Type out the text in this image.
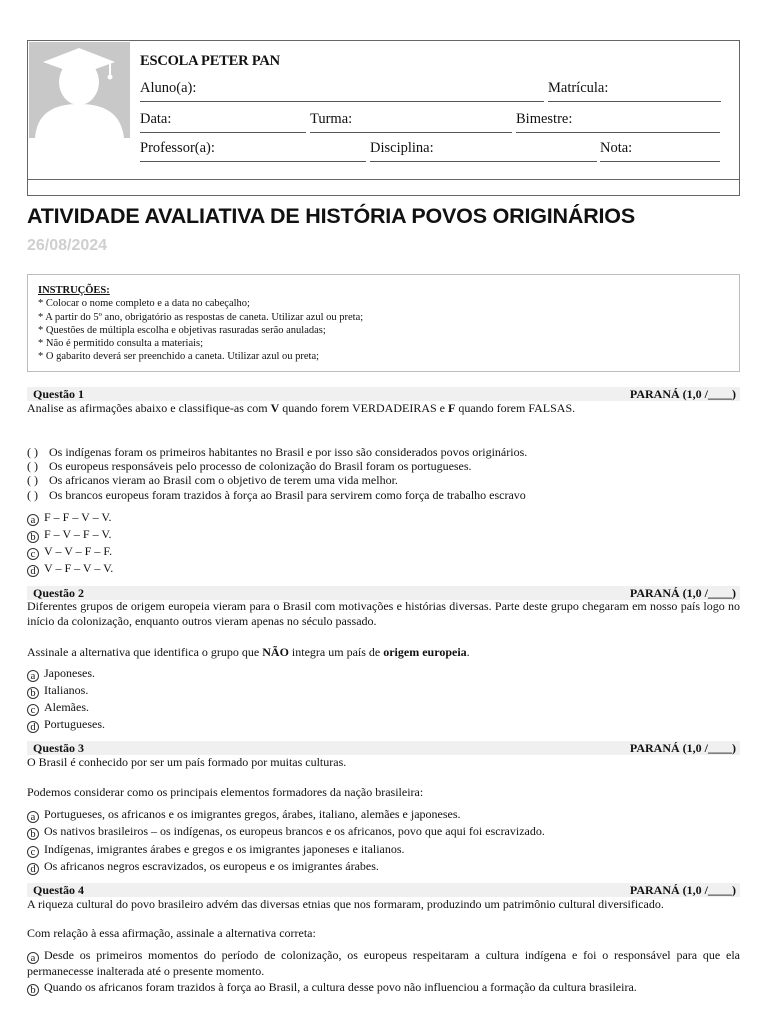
ESCOLA PETER PAN
Aluno(a):	Matrícula:
Data:	Turma:	Bimestre:
Professor(a):	Disciplina:	Nota:
ATIVIDADE AVALIATIVA DE HISTÓRIA POVOS ORIGINÁRIOS
26/08/2024
INSTRUÇÕES:
* Colocar o nome completo e a data no cabeçalho;
* A partir do 5º ano, obrigatório as respostas de caneta. Utilizar azul ou preta;
* Questões de múltipla escolha e objetivas rasuradas serão anuladas;
* Não é permitido consulta a materiais;
* O gabarito deverá ser preenchido a caneta. Utilizar azul ou preta;
Questão 1	PARANÁ (1,0 /____)
Analise as afirmações abaixo e classifique-as com V quando forem VERDADEIRAS e F quando forem FALSAS.
( ) Os indígenas foram os primeiros habitantes no Brasil e por isso são considerados povos originários.
( ) Os europeus responsáveis pelo processo de colonização do Brasil foram os portugueses.
( ) Os africanos vieram ao Brasil com o objetivo de terem uma vida melhor.
( ) Os brancos europeus foram trazidos à força ao Brasil para servirem como força de trabalho escravo
a F – F – V – V.
b F – V – F – V.
c V – V – F – F.
d V – F – V – V.
Questão 2	PARANÁ (1,0 /____)
Diferentes grupos de origem europeia vieram para o Brasil com motivações e histórias diversas. Parte deste grupo chegaram em nosso país logo no início da colonização, enquanto outros vieram apenas no século passado.
Assinale a alternativa que identifica o grupo que NÃO integra um país de origem europeia.
a Japoneses.
b Italianos.
c Alemães.
d Portugueses.
Questão 3	PARANÁ (1,0 /____)
O Brasil é conhecido por ser um país formado por muitas culturas.
Podemos considerar como os principais elementos formadores da nação brasileira:
a Portugueses, os africanos e os imigrantes gregos, árabes, italiano, alemães e japoneses.
b Os nativos brasileiros – os indígenas, os europeus brancos e os africanos, povo que aqui foi escravizado.
c Indígenas, imigrantes árabes e gregos e os imigrantes japoneses e italianos.
d Os africanos negros escravizados, os europeus e os imigrantes árabes.
Questão 4	PARANÁ (1,0 /____)
A riqueza cultural do povo brasileiro advém das diversas etnias que nos formaram, produzindo um patrimônio cultural diversificado.
Com relação à essa afirmação, assinale a alternativa correta:
a Desde os primeiros momentos do período de colonização, os europeus respeitaram a cultura indígena e foi o responsável para que ela permanecesse inalterada até o presente momento.
b Quando os africanos foram trazidos à força ao Brasil, a cultura desse povo não influenciou a formação da cultura brasileira.
